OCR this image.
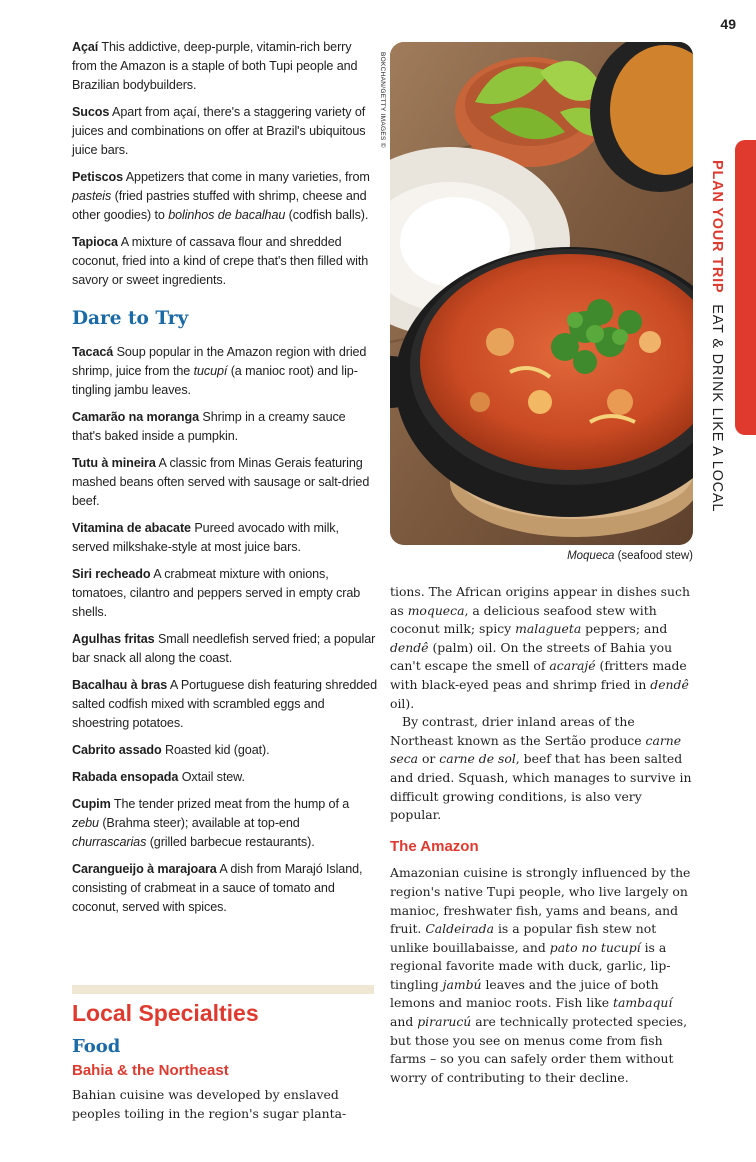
49
PLAN YOUR TRIP EAT & DRINK LIKE A LOCAL
Açaí This addictive, deep-purple, vitamin-rich berry from the Amazon is a staple of both Tupi people and Brazilian bodybuilders.
Sucos Apart from açaí, there's a staggering variety of juices and combinations on offer at Brazil's ubiquitous juice bars.
Petiscos Appetizers that come in many varieties, from pasteis (fried pastries stuffed with shrimp, cheese and other goodies) to bolinhos de bacalhau (codfish balls).
Tapioca A mixture of cassava flour and shredded coconut, fried into a kind of crepe that's then filled with savory or sweet ingredients.
Dare to Try
Tacacá Soup popular in the Amazon region with dried shrimp, juice from the tucupí (a manioc root) and lip-tingling jambu leaves.
Camarão na moranga Shrimp in a creamy sauce that's baked inside a pumpkin.
Tutu à mineira A classic from Minas Gerais featuring mashed beans often served with sausage or salt-dried beef.
Vitamina de abacate Pureed avocado with milk, served milkshake-style at most juice bars.
Siri recheado A crabmeat mixture with onions, tomatoes, cilantro and peppers served in empty crab shells.
Agulhas fritas Small needlefish served fried; a popular bar snack all along the coast.
Bacalhau à bras A Portuguese dish featuring shredded salted codfish mixed with scrambled eggs and shoestring potatoes.
Cabrito assado Roasted kid (goat).
Rabada ensopada Oxtail stew.
Cupim The tender prized meat from the hump of a zebu (Brahma steer); available at top-end churrascarias (grilled barbecue restaurants).
Carangueijo à marajoara A dish from Marajó Island, consisting of crabmeat in a sauce of tomato and coconut, served with spices.
BOKCHAN/GETTY IMAGES ©
Moqueca (seafood stew)

tions. The African origins appear in dishes such as moqueca, a delicious seafood stew with coconut milk; spicy malagueta peppers; and dendê (palm) oil. On the streets of Bahia you can't escape the smell of acarajé (fritters made with black-eyed peas and shrimp fried in dendê oil).

By contrast, drier inland areas of the Northeast known as the Sertão produce carne seca or carne de sol, beef that has been salted and dried. Squash, which manages to survive in difficult growing conditions, is also very popular.

The Amazon

Amazonian cuisine is strongly influenced by the region's native Tupi people, who live largely on manioc, freshwater fish, yams and beans, and fruit. Caldeirada is a popular fish stew not unlike bouillabaisse, and pato no tucupí is a regional favorite made with duck, garlic, lip-tingling jambú leaves and the juice of both lemons and manioc roots. Fish like tambaquí and pirarucú are technically protected species, but those you see on menus come from fish farms – so you can safely order them without worry of contributing to their decline.

Local Specialties
Food
Bahia & the Northeast
Bahian cuisine was developed by enslaved peoples toiling in the region's sugar planta-
